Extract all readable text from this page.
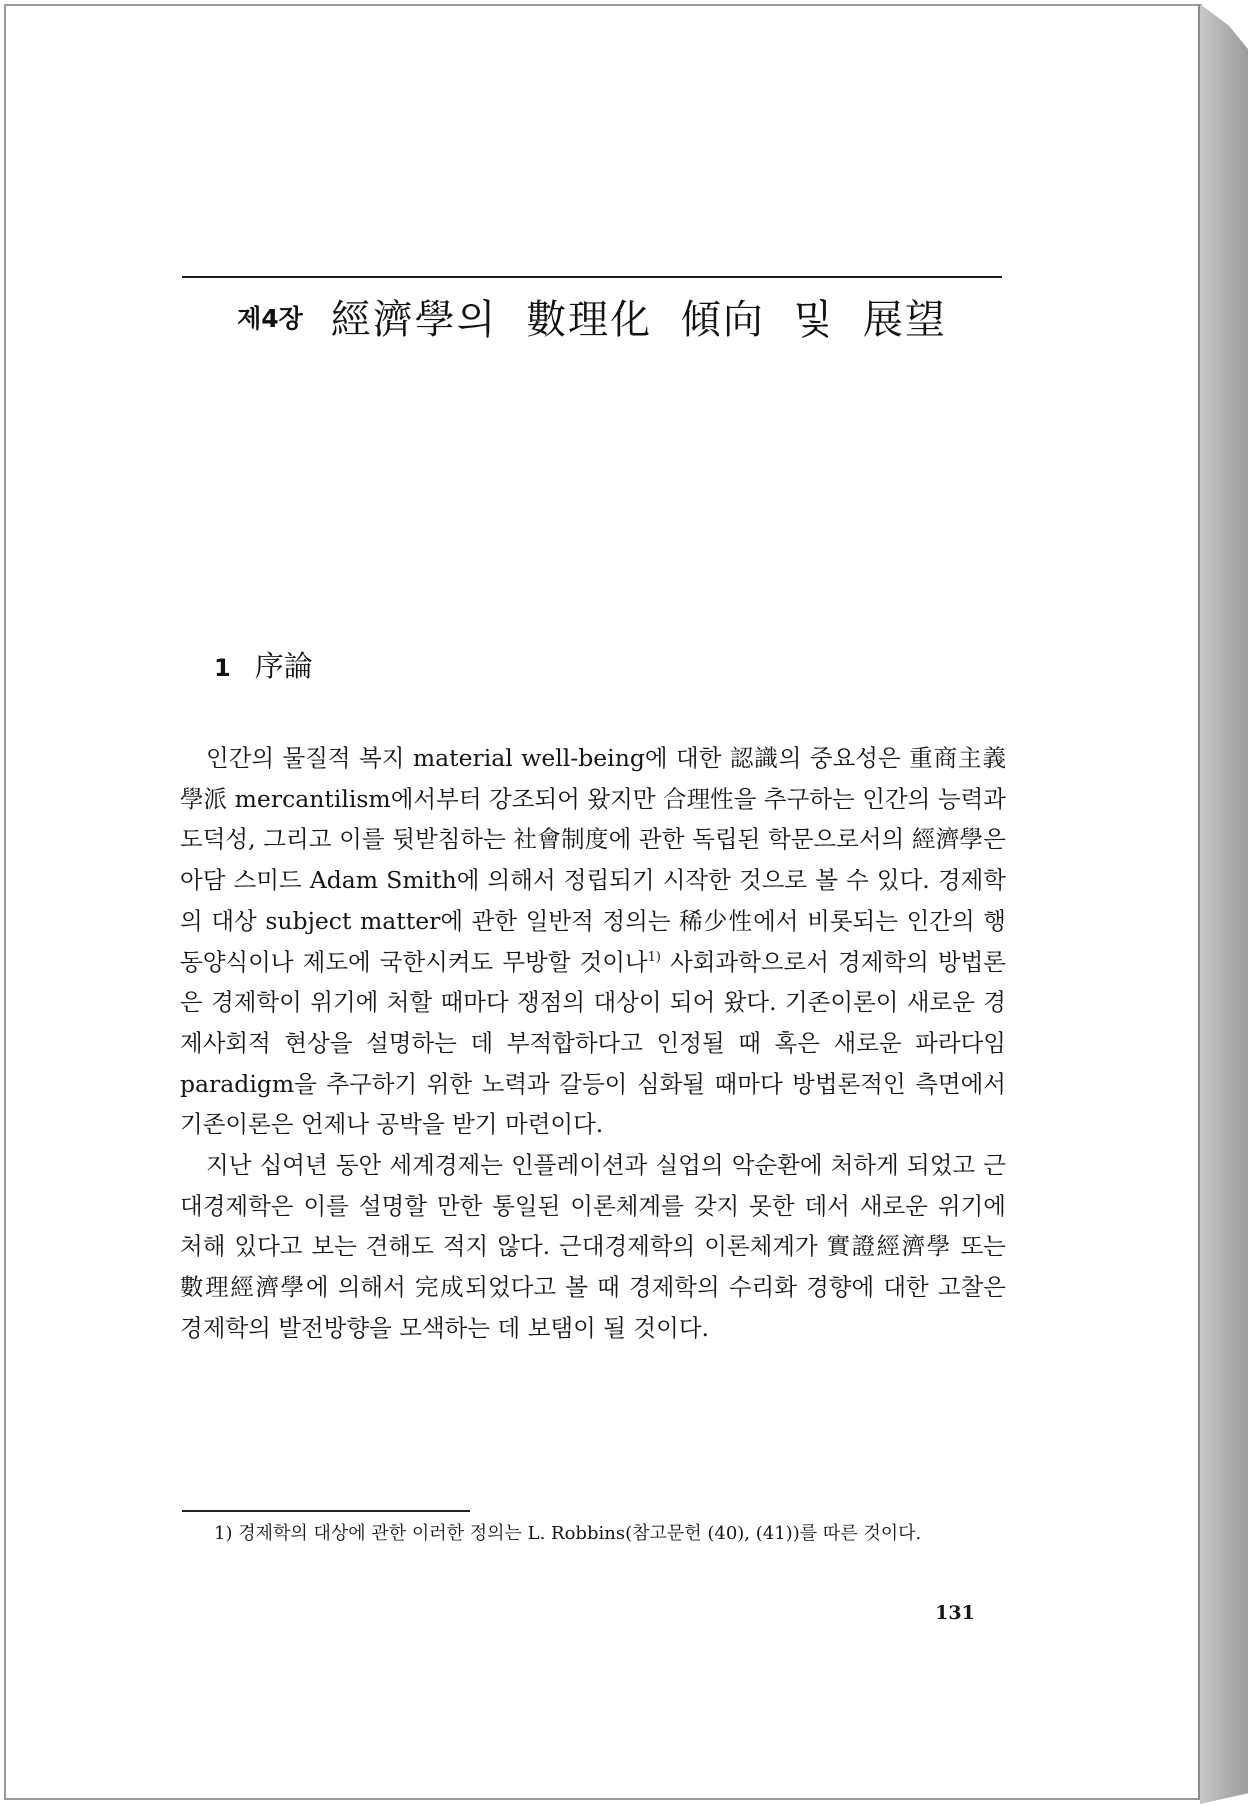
제4장 經濟學의 數理化 傾向 및 展望
1 序論

인간의 물질적 복지 material well-being에 대한 認識의 중요성은 重商主義學派 mercantilism에서부터 강조되어 왔지만 合理性을 추구하는 인간의 능력과 도덕성, 그리고 이를 뒷받침하는 社會制度에 관한 독립된 학문으로서의 經濟學은 아담 스미드 Adam Smith에 의해서 정립되기 시작한 것으로 볼 수 있다. 경제학의 대상 subject matter에 관한 일반적 정의는 稀少性에서 비롯되는 인간의 행동양식이나 제도에 국한시켜도 무방할 것이나$^{1)}$ 사회과학으로서 경제학의 방법론은 경제학이 위기에 처할 때마다 쟁점의 대상이 되어 왔다. 기존이론이 새로운 경제사회적 현상을 설명하는 데 부적합하다고 인정될 때 혹은 새로운 파라다임 paradigm을 추구하기 위한 노력과 갈등이 심화될 때마다 방법론적인 측면에서 기존이론은 언제나 공박을 받기 마련이다.

지난 십여년 동안 세계경제는 인플레이션과 실업의 악순환에 처하게 되었고 근대경제학은 이를 설명할 만한 통일된 이론체계를 갖지 못한 데서 새로운 위기에 처해 있다고 보는 견해도 적지 않다. 근대경제학의 이론체계가 實證經濟學 또는 數理經濟學에 의해서 完成되었다고 볼 때 경제학의 수리화 경향에 대한 고찰은 경제학의 발전방향을 모색하는 데 보탬이 될 것이다.

1) 경제학의 대상에 관한 이러한 정의는 L. Robbins(참고문헌 (40), (41))를 따른 것이다.
131
